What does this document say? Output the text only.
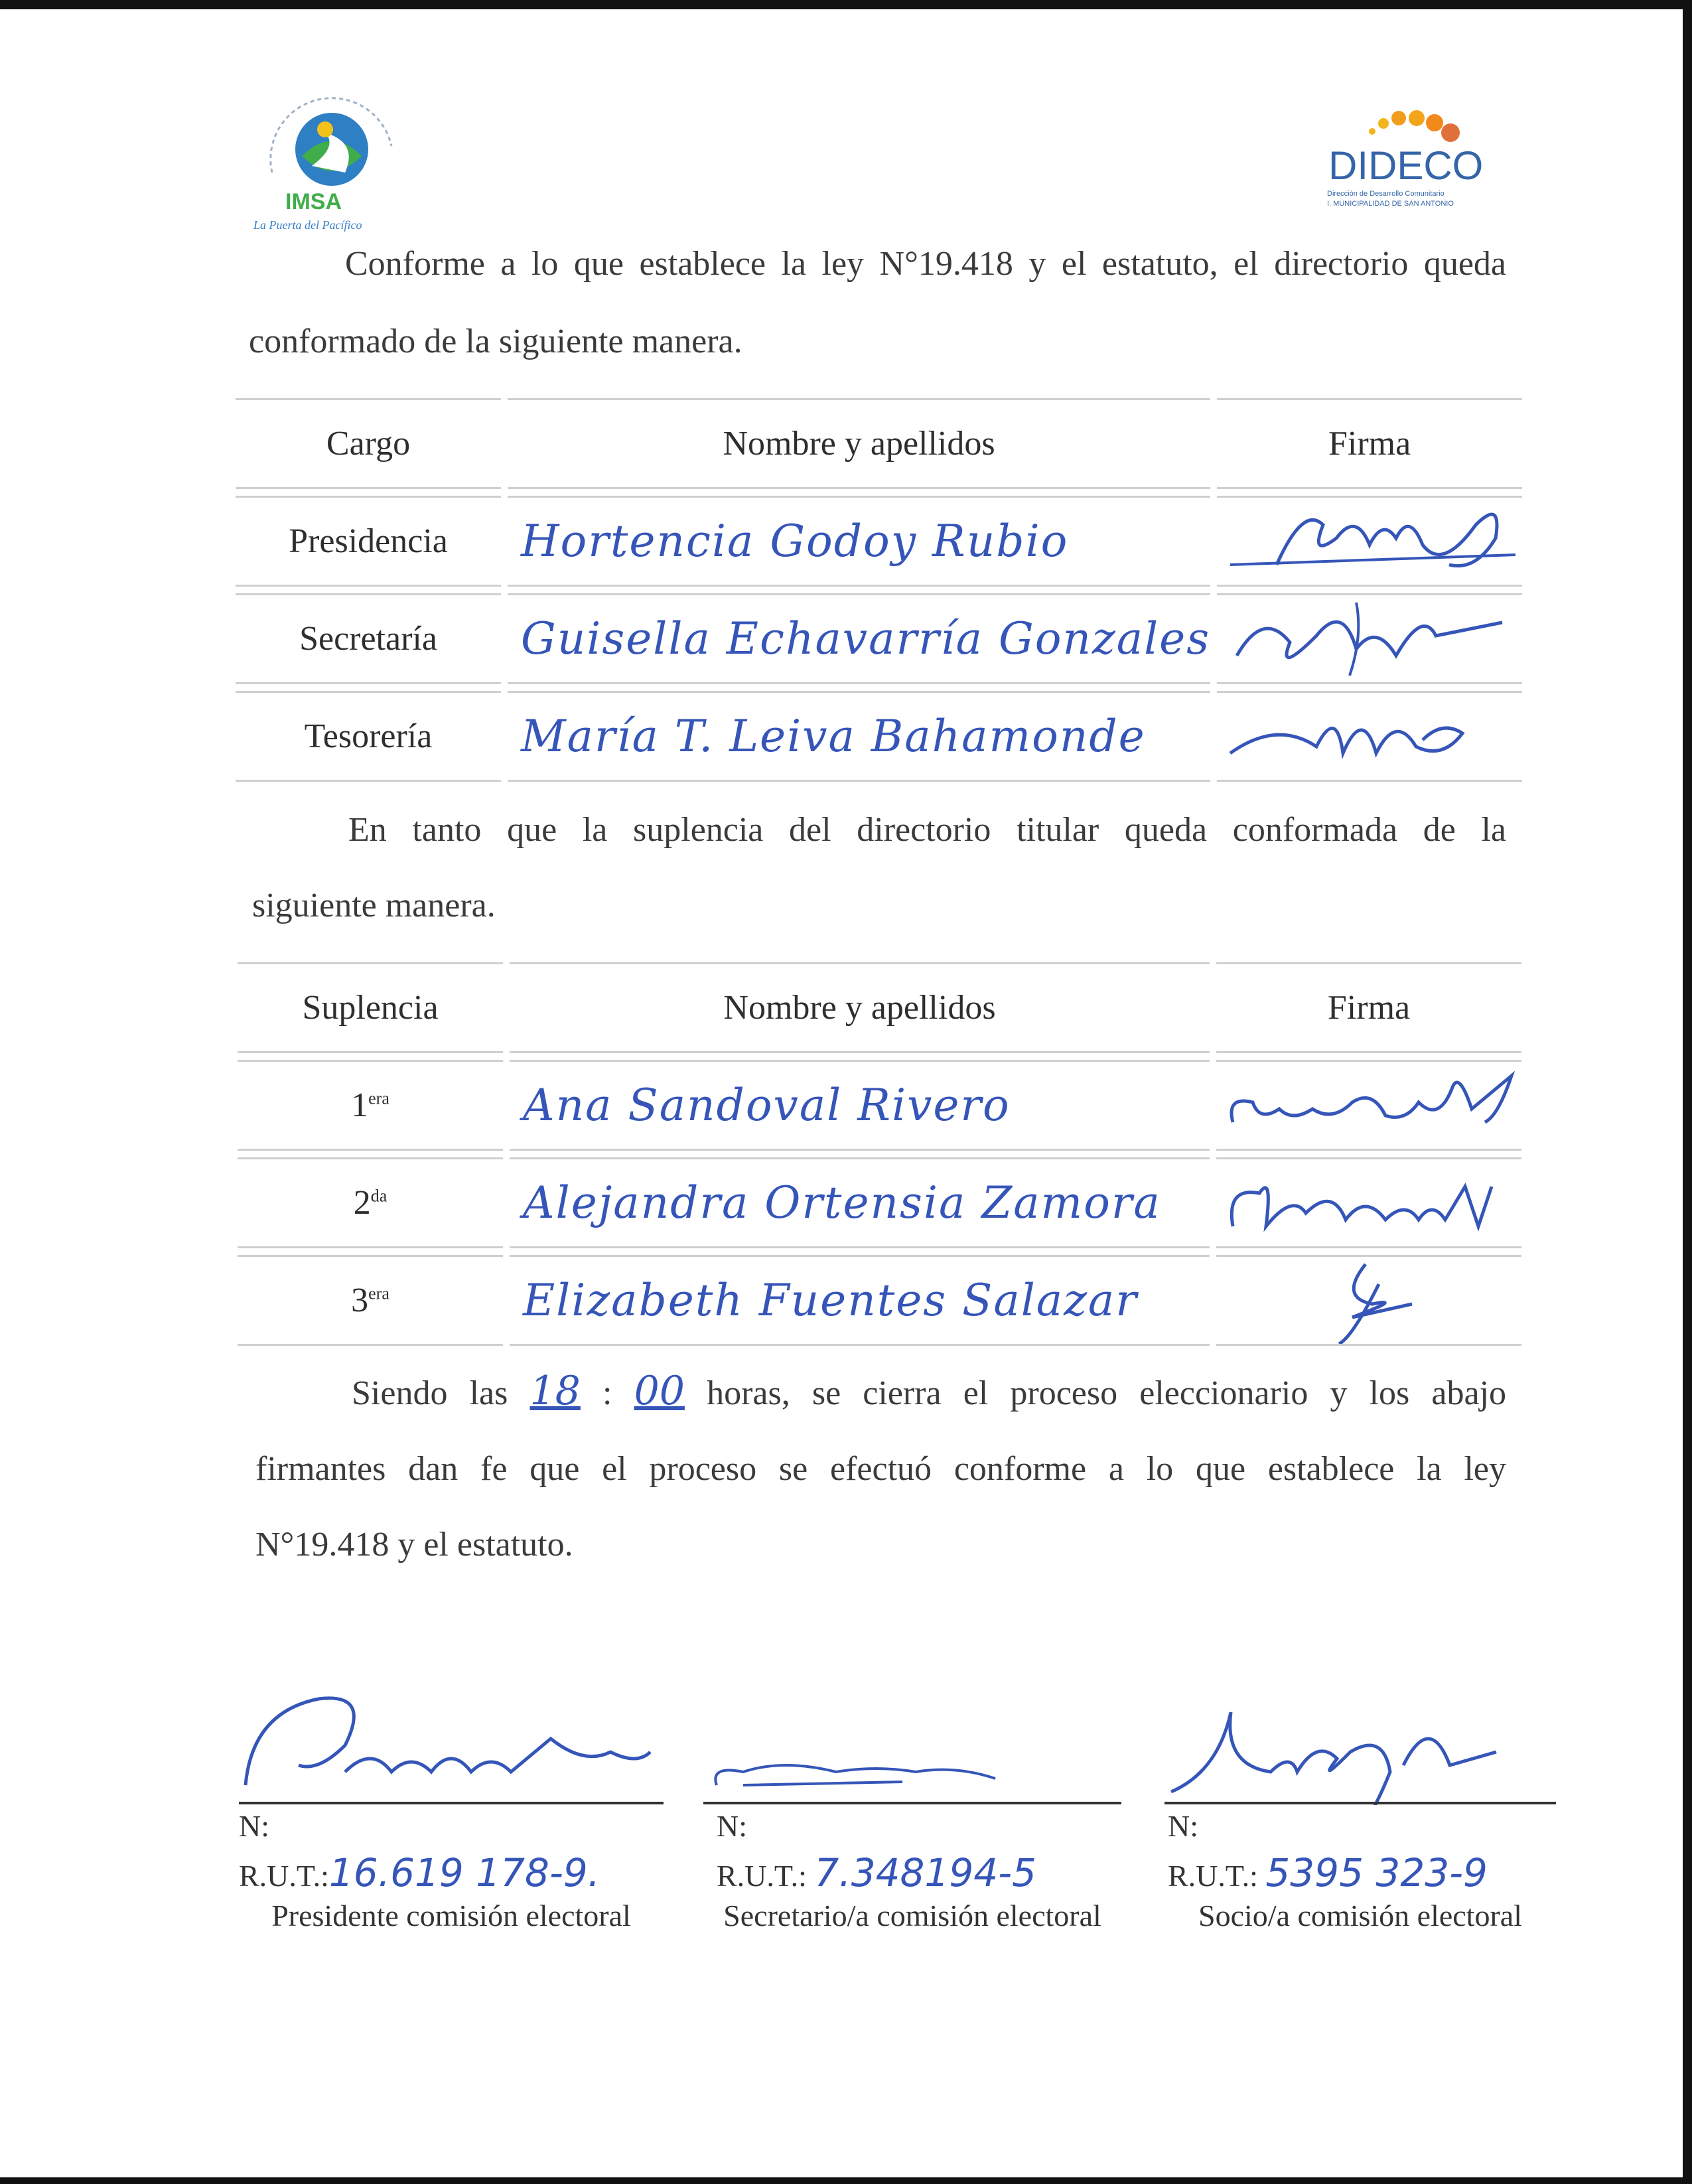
IMSA
La Puerta del Pacífico
DIDECO
Dirección de Desarrollo Comunitario
I. MUNICIPALIDAD DE SAN ANTONIO
Conforme a lo que establece la ley N°19.418 y el estatuto, el directorio queda
conformado de la siguiente manera.
Cargo	Nombre y apellidos	Firma
Presidencia	Hortencia Godoy Rubio	

Secretaría	Guisella Echavarría Gonzales	

Tesorería	María T. Leiva Bahamonde	
En tanto que la suplencia del directorio titular queda conformada de la
siguiente manera.
Suplencia	Nombre y apellidos	Firma
$1^{era}$	Ana Sandoval Rivero	

$2^{da}$	Alejandra Ortensia Zamora	

$3^{era}$	Elizabeth Fuentes Salazar	
Siendo las 18 : 00 horas, se cierra el proceso eleccionario y los abajo
firmantes dan fe que el proceso se efectuó conforme a lo que establece la ley
N°19.418 y el estatuto.
N:
R.U.T.:16.619 178-9.
Presidente comisión electoral
N:
R.U.T.: 7.348194-5
Secretario/a comisión electoral
N:
R.U.T.: 5395 323-9
Socio/a comisión electoral
